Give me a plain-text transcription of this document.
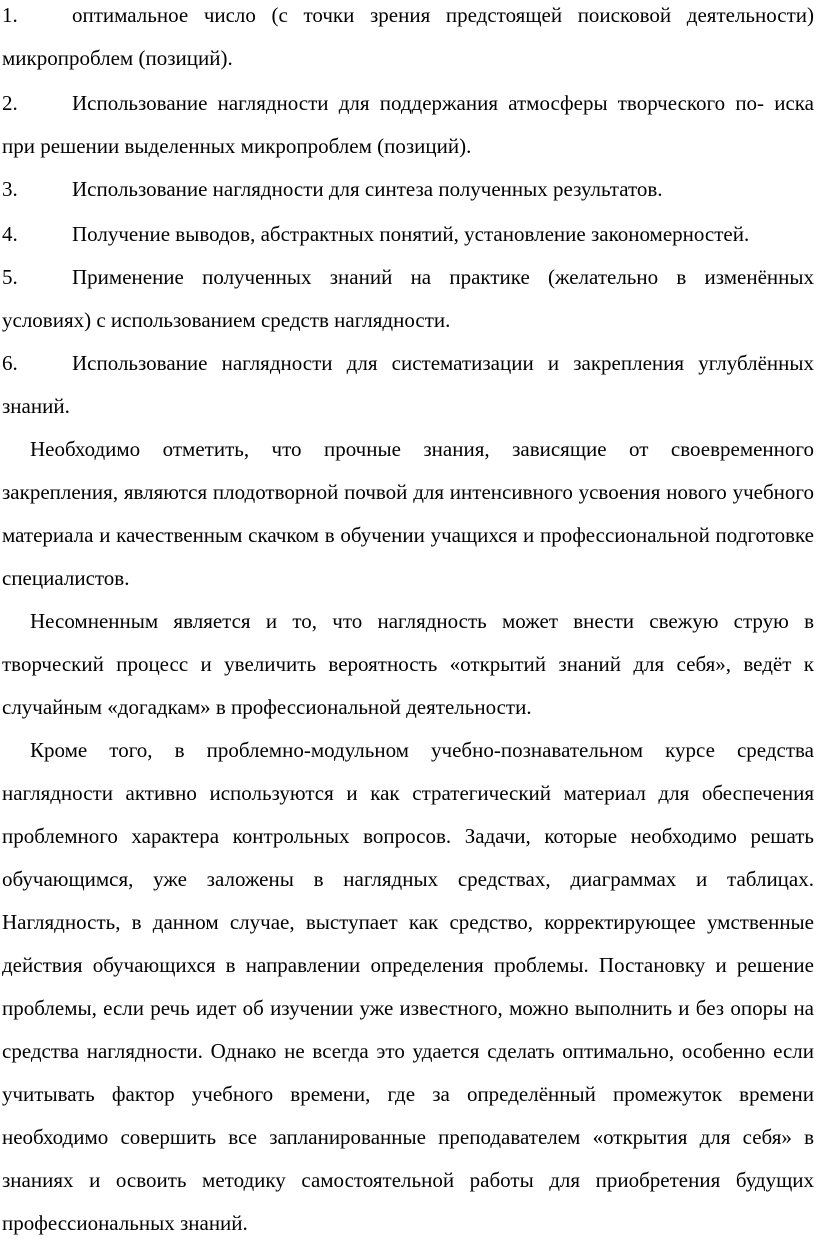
1.	оптимальное число (с точки зрения предстоящей поисковой деятельности) микропроблем (позиций).

2.	Использование наглядности для поддержания атмосферы творческого по- иска при решении выделенных микропроблем (позиций).

3.	Использование наглядности для синтеза полученных результатов.

4.	Получение выводов, абстрактных понятий, установление закономерностей.

5.	Применение полученных знаний на практике (желательно в изменённых условиях) с использованием средств наглядности.

6.	Использование наглядности для систематизации и закрепления углублённых знаний.

Необходимо отметить, что прочные знания, зависящие от своевременного закрепления, являются плодотворной почвой для интенсивного усвоения нового учебного материала и качественным скачком в обучении учащихся и профессиональной подготовке специалистов.

Несомненным является и то, что наглядность может внести свежую струю в творческий процесс и увеличить вероятность «открытий знаний для себя», ведёт к случайным «догадкам» в профессиональной деятельности.

Кроме того, в проблемно-модульном учебно-познавательном курсе средства наглядности активно используются и как стратегический материал для обеспечения проблемного характера контрольных вопросов. Задачи, которые необходимо решать обучающимся, уже заложены в наглядных средствах, диаграммах и таблицах. Наглядность, в данном случае, выступает как средство, корректирующее умственные действия обучающихся в направлении определения проблемы. Постановку и решение проблемы, если речь идет об изучении уже известного, можно выполнить и без опоры на средства наглядности. Однако не всегда это удается сделать оптимально, особенно если учитывать фактор учебного времени, где за определённый промежуток времени необходимо совершить все запланированные преподавателем «открытия для себя» в знаниях и освоить методику самостоятельной работы для приобретения будущих профессиональных знаний.
